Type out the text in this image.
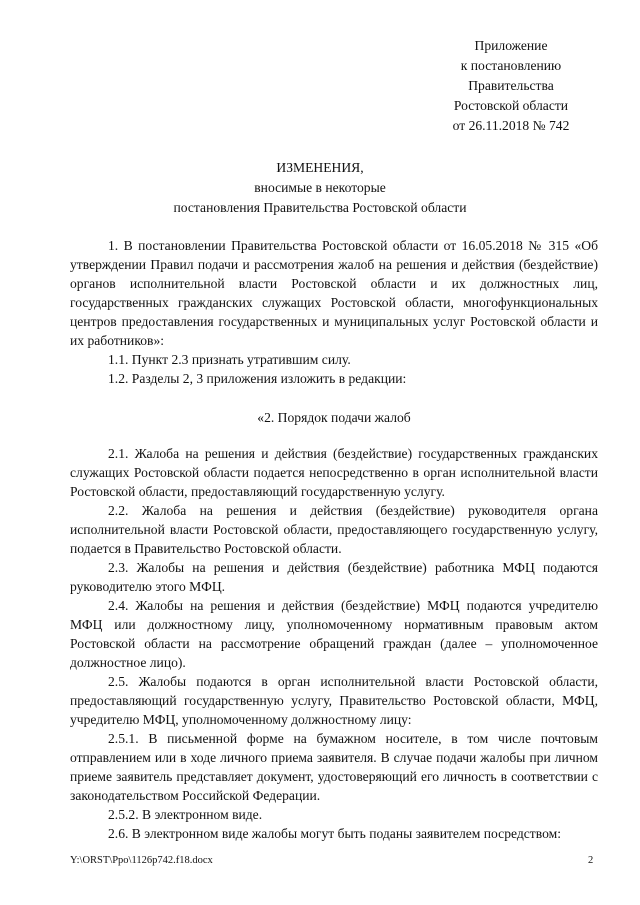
Приложение
к постановлению
Правительства
Ростовской области
от 26.11.2018 № 742
ИЗМЕНЕНИЯ,
вносимые в некоторые
постановления Правительства Ростовской области

1. В постановлении Правительства Ростовской области от 16.05.2018 № 315 «Об утверждении Правил подачи и рассмотрения жалоб на решения и действия (бездействие) органов исполнительной власти Ростовской области и их должностных лиц, государственных гражданских служащих Ростовской области, многофункциональных центров предоставления государственных и муниципальных услуг Ростовской области и их работников»:

1.1. Пункт 2.3 признать утратившим силу.

1.2. Разделы 2, 3 приложения изложить в редакции:

«2. Порядок подачи жалоб

2.1. Жалоба на решения и действия (бездействие) государственных гражданских служащих Ростовской области подается непосредственно в орган исполнительной власти Ростовской области, предоставляющий государственную услугу.

2.2. Жалоба на решения и действия (бездействие) руководителя органа исполнительной власти Ростовской области, предоставляющего государственную услугу, подается в Правительство Ростовской области.

2.3. Жалобы на решения и действия (бездействие) работника МФЦ подаются руководителю этого МФЦ.

2.4. Жалобы на решения и действия (бездействие) МФЦ подаются учредителю МФЦ или должностному лицу, уполномоченному нормативным правовым актом Ростовской области на рассмотрение обращений граждан (далее – уполномоченное должностное лицо).

2.5. Жалобы подаются в орган исполнительной власти Ростовской области, предоставляющий государственную услугу, Правительство Ростовской области, МФЦ, учредителю МФЦ, уполномоченному должностному лицу:

2.5.1. В письменной форме на бумажном носителе, в том числе почтовым отправлением или в ходе личного приема заявителя. В случае подачи жалобы при личном приеме заявитель представляет документ, удостоверяющий его личность в соответствии с законодательством Российской Федерации.

2.5.2. В электронном виде.

2.6. В электронном виде жалобы могут быть поданы заявителем посредством:

Y:\ORST\Ppo\1126p742.f18.docx	2
